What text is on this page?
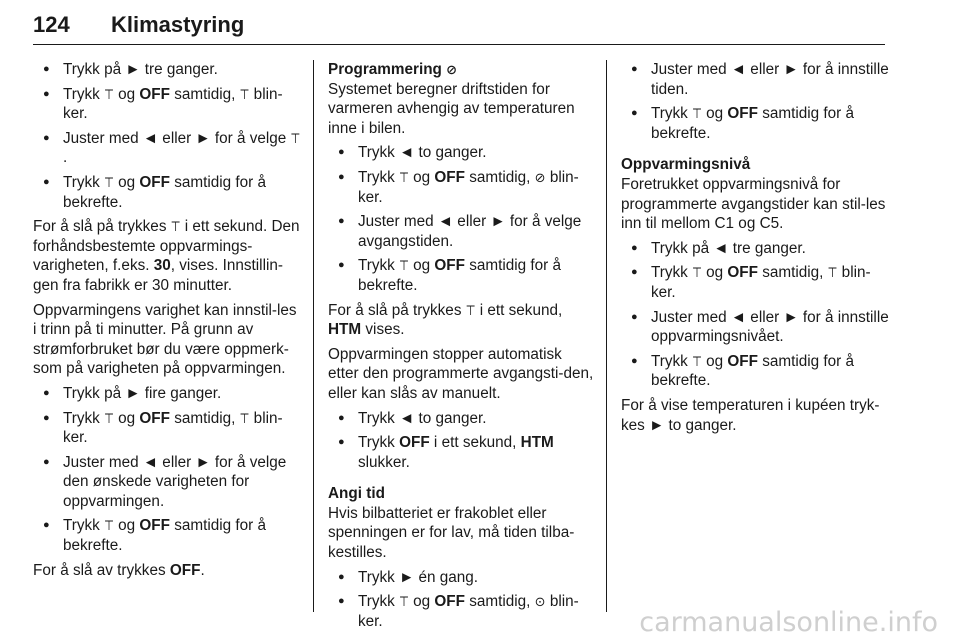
124	Klimastyring
● Trykk på ► tre ganger.
● Trykk ꔋ og OFF samtidig, ꔋ blin-ker.
● Juster med ◄ eller ► for å velge ꔋ.
● Trykk ꔋ og OFF samtidig for å bekrefte.

For å slå på trykkes ꔋ i ett sekund. Den forhåndsbestemte oppvarmings-varigheten, f.eks. 30, vises. Innstillin-gen fra fabrikk er 30 minutter.

Oppvarmingens varighet kan innstil-les i trinn på ti minutter. På grunn av strømforbruket bør du være oppmerk-som på varigheten på oppvarmingen.

● Trykk på ► fire ganger.
● Trykk ꔋ og OFF samtidig, ꔋ blin-ker.
● Juster med ◄ eller ► for å velge den ønskede varigheten for oppvarmingen.
● Trykk ꔋ og OFF samtidig for å bekrefte.

For å slå av trykkes OFF.

Programmering ⊘

Systemet beregner driftstiden for varmeren avhengig av temperaturen inne i bilen.

● Trykk ◄ to ganger.
● Trykk ꔋ og OFF samtidig, ⊘ blin-ker.
● Juster med ◄ eller ► for å velge avgangstiden.
● Trykk ꔋ og OFF samtidig for å bekrefte.

For å slå på trykkes ꔋ i ett sekund, HTM vises.

Oppvarmingen stopper automatisk etter den programmerte avgangsti-den, eller kan slås av manuelt.

● Trykk ◄ to ganger.
● Trykk OFF i ett sekund, HTM slukker.

Angi tid

Hvis bilbatteriet er frakoblet eller spenningen er for lav, må tiden tilba-kestilles.

● Trykk ► én gang.
● Trykk ꔋ og OFF samtidig, ⊙ blin-ker.
● Juster med ◄ eller ► for å innstille tiden.
● Trykk ꔋ og OFF samtidig for å bekrefte.

Oppvarmingsnivå

Foretrukket oppvarmingsnivå for programmerte avgangstider kan stil-les inn til mellom C1 og C5.

● Trykk på ◄ tre ganger.
● Trykk ꔋ og OFF samtidig, ꔋ blin-ker.
● Juster med ◄ eller ► for å innstille oppvarmingsnivået.
● Trykk ꔋ og OFF samtidig for å bekrefte.

For å vise temperaturen i kupéen tryk-kes ► to ganger.

carmanualsonline.info
